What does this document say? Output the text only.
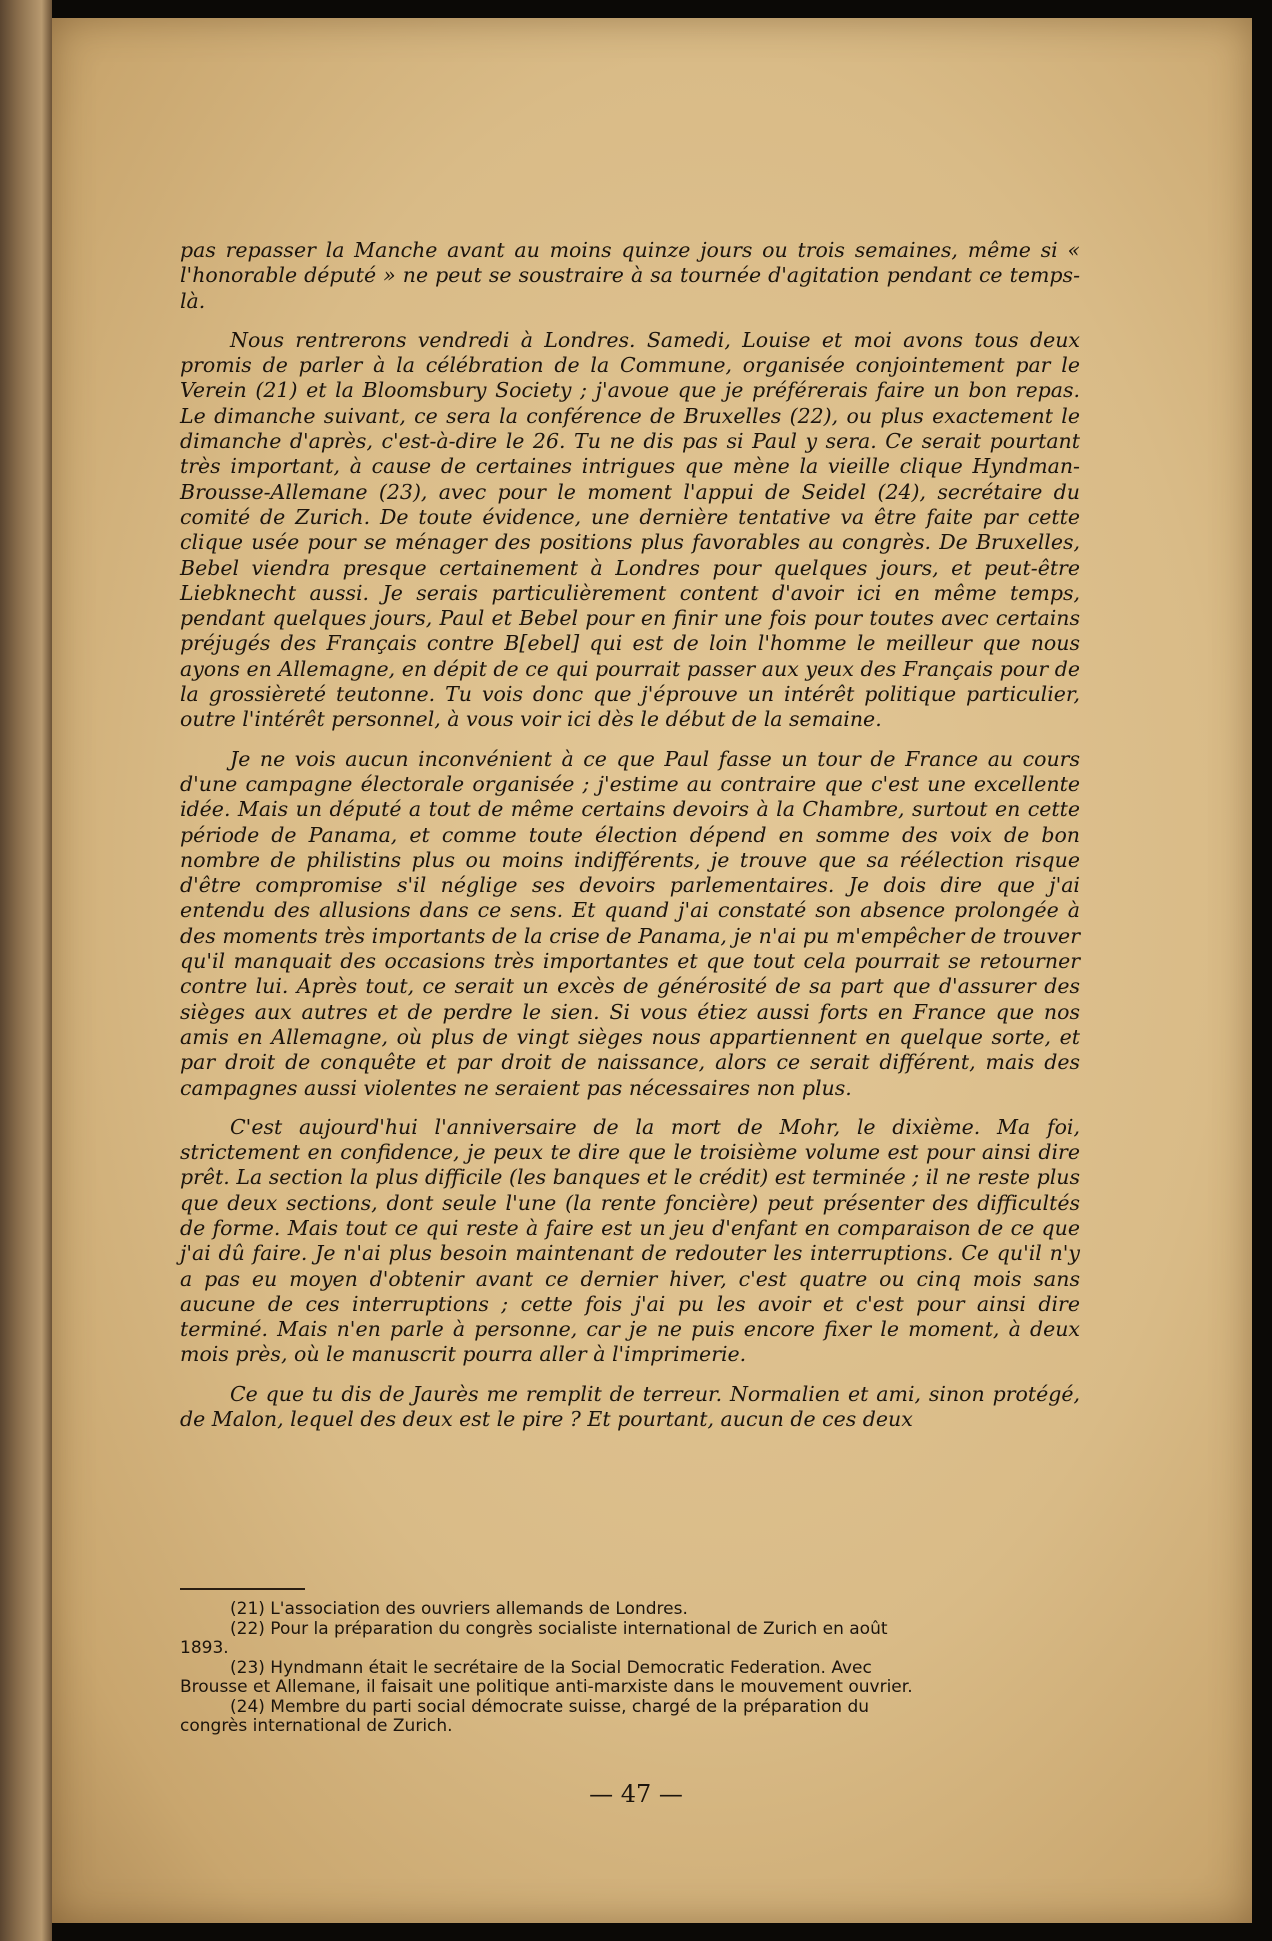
pas repasser la Manche avant au moins quinze jours ou trois semaines, même si « l'honorable député » ne peut se soustraire à sa tournée d'agitation pendant ce temps-là.

Nous rentrerons vendredi à Londres. Samedi, Louise et moi avons tous deux promis de parler à la célébration de la Commune, organisée conjointement par le Verein (21) et la Bloomsbury Society ; j'avoue que je préférerais faire un bon repas. Le dimanche suivant, ce sera la conférence de Bruxelles (22), ou plus exactement le dimanche d'après, c'est-à-dire le 26. Tu ne dis pas si Paul y sera. Ce serait pourtant très important, à cause de certaines intrigues que mène la vieille clique Hyndman-Brousse-Allemane (23), avec pour le moment l'appui de Seidel (24), secrétaire du comité de Zurich. De toute évidence, une dernière tentative va être faite par cette clique usée pour se ménager des positions plus favorables au congrès. De Bruxelles, Bebel viendra presque certainement à Londres pour quelques jours, et peut-être Liebknecht aussi. Je serais particulièrement content d'avoir ici en même temps, pendant quelques jours, Paul et Bebel pour en finir une fois pour toutes avec certains préjugés des Français contre B[ebel] qui est de loin l'homme le meilleur que nous ayons en Allemagne, en dépit de ce qui pourrait passer aux yeux des Français pour de la grossièreté teutonne. Tu vois donc que j'éprouve un intérêt politique particulier, outre l'intérêt personnel, à vous voir ici dès le début de la semaine.

Je ne vois aucun inconvénient à ce que Paul fasse un tour de France au cours d'une campagne électorale organisée ; j'estime au contraire que c'est une excellente idée. Mais un député a tout de même certains devoirs à la Chambre, surtout en cette période de Panama, et comme toute élection dépend en somme des voix de bon nombre de philistins plus ou moins indifférents, je trouve que sa réélection risque d'être compromise s'il néglige ses devoirs parlementaires. Je dois dire que j'ai entendu des allusions dans ce sens. Et quand j'ai constaté son absence prolongée à des moments très importants de la crise de Panama, je n'ai pu m'empêcher de trouver qu'il manquait des occasions très importantes et que tout cela pourrait se retourner contre lui. Après tout, ce serait un excès de générosité de sa part que d'assurer des sièges aux autres et de perdre le sien. Si vous étiez aussi forts en France que nos amis en Allemagne, où plus de vingt sièges nous appartiennent en quelque sorte, et par droit de conquête et par droit de naissance, alors ce serait différent, mais des campagnes aussi violentes ne seraient pas nécessaires non plus.

C'est aujourd'hui l'anniversaire de la mort de Mohr, le dixième. Ma foi, strictement en confidence, je peux te dire que le troisième volume est pour ainsi dire prêt. La section la plus difficile (les banques et le crédit) est terminée ; il ne reste plus que deux sections, dont seule l'une (la rente foncière) peut présenter des difficultés de forme. Mais tout ce qui reste à faire est un jeu d'enfant en comparaison de ce que j'ai dû faire. Je n'ai plus besoin maintenant de redouter les interruptions. Ce qu'il n'y a pas eu moyen d'obtenir avant ce dernier hiver, c'est quatre ou cinq mois sans aucune de ces interruptions ; cette fois j'ai pu les avoir et c'est pour ainsi dire terminé. Mais n'en parle à personne, car je ne puis encore fixer le moment, à deux mois près, où le manuscrit pourra aller à l'imprimerie.

Ce que tu dis de Jaurès me remplit de terreur. Normalien et ami, sinon protégé, de Malon, lequel des deux est le pire ? Et pourtant, aucun de ces deux

(21) L'association des ouvriers allemands de Londres.

(22) Pour la préparation du congrès socialiste international de Zurich en août

1893.

(23) Hyndmann était le secrétaire de la Social Democratic Federation. Avec

Brousse et Allemane, il faisait une politique anti-marxiste dans le mouvement ouvrier.

(24) Membre du parti social démocrate suisse, chargé de la préparation du

congrès international de Zurich.

— 47 —
